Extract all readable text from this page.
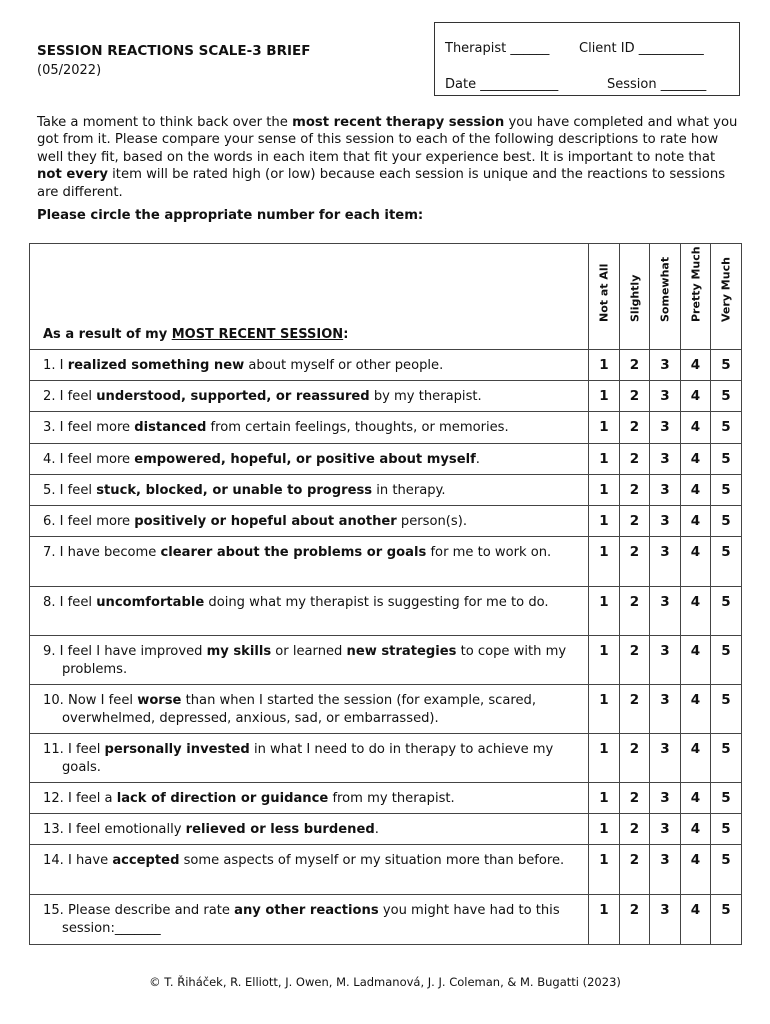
SESSION REACTIONS SCALE-3 BRIEF
(05/2022)
Therapist ______ Client ID __________
Date ____________	Session _______
Take a moment to think back over the most recent therapy session you have completed and what you got from it. Please compare your sense of this session to each of the following descriptions to rate how well they fit, based on the words in each item that fit your experience best. It is important to note that not every item will be rated high (or low) because each session is unique and the reactions to sessions are different.
Please circle the appropriate number for each item:
As a result of my MOST RECENT SESSION:	Not at All	Slightly	Somewhat	Pretty Much	Very Much

1. I realized something new about myself or other people.	1	2	3	4	5

2. I feel understood, supported, or reassured by my therapist.	1	2	3	4	5

3. I feel more distanced from certain feelings, thoughts, or memories.	1	2	3	4	5

4. I feel more empowered, hopeful, or positive about myself.	1	2	3	4	5

5. I feel stuck, blocked, or unable to progress in therapy.	1	2	3	4	5

6. I feel more positively or hopeful about another person(s).	1	2	3	4	5

7. I have become clearer about the problems or goals for me to work on.	1	2	3	4	5

8. I feel uncomfortable doing what my therapist is suggesting for me to do.	1	2	3	4	5

9. I feel I have improved my skills or learned new strategies to cope with my problems.	1	2	3	4	5

10. Now I feel worse than when I started the session (for example, scared, overwhelmed, depressed, anxious, sad, or embarrassed).	1	2	3	4	5

11. I feel personally invested in what I need to do in therapy to achieve my goals.	1	2	3	4	5

12. I feel a lack of direction or guidance from my therapist.	1	2	3	4	5

13. I feel emotionally relieved or less burdened.	1	2	3	4	5

14. I have accepted some aspects of myself or my situation more than before.	1	2	3	4	5

15. Please describe and rate any other reactions you might have had to this session:_______	1	2	3	4	5
© T. Řiháček, R. Elliott, J. Owen, M. Ladmanová, J. J. Coleman, & M. Bugatti (2023)
